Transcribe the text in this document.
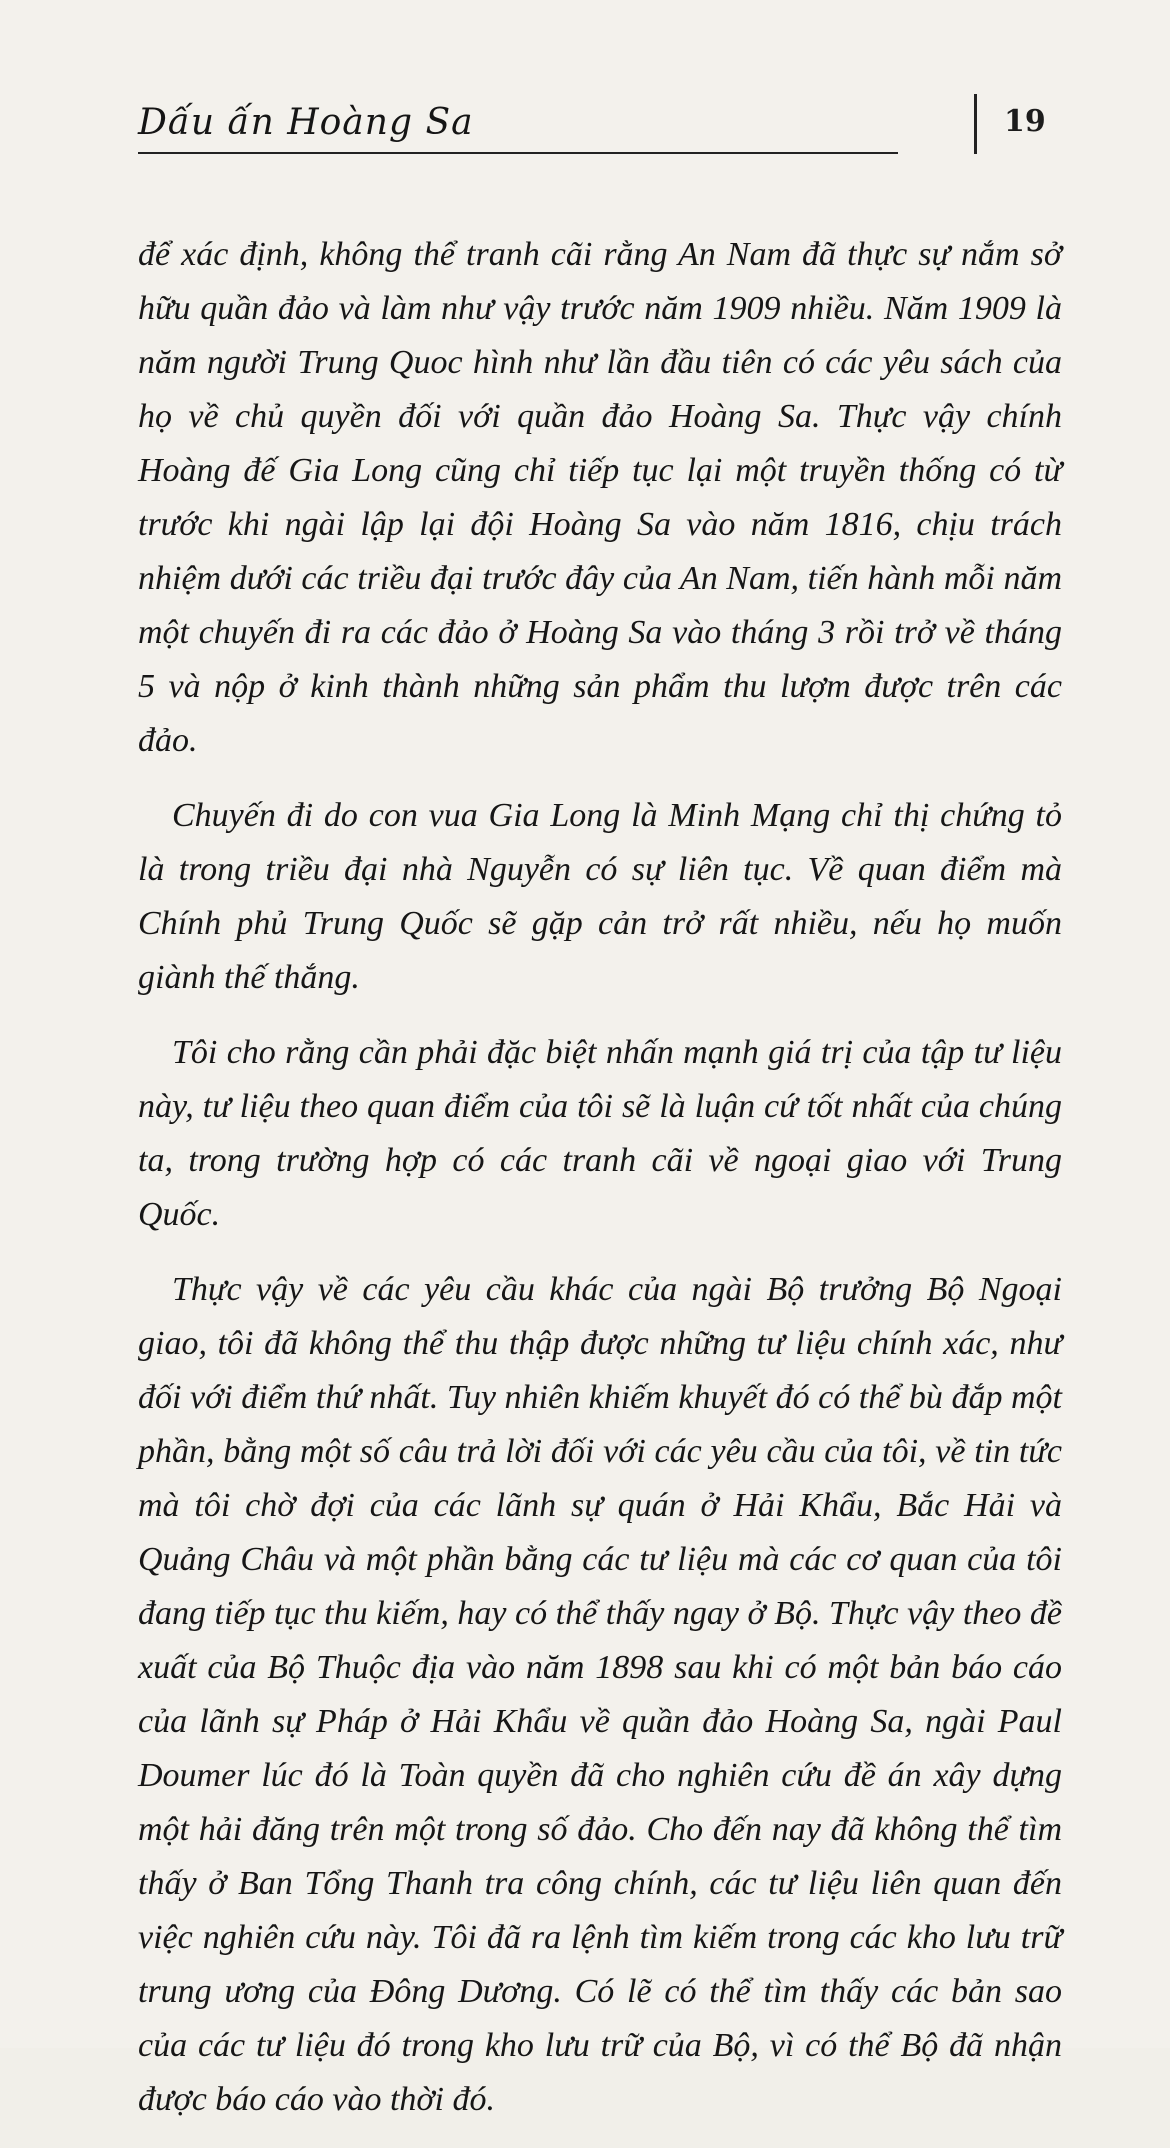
Dấu ấn Hoàng Sa	19

để xác định, không thể tranh cãi rằng An Nam đã thực sự nắm sở hữu quần đảo và làm như vậy trước năm 1909 nhiều. Năm 1909 là năm người Trung Quoc hình như lần đầu tiên có các yêu sách của họ về chủ quyền đối với quần đảo Hoàng Sa. Thực vậy chính Hoàng đế Gia Long cũng chỉ tiếp tục lại một truyền thống có từ trước khi ngài lập lại đội Hoàng Sa vào năm 1816, chịu trách nhiệm dưới các triều đại trước đây của An Nam, tiến hành mỗi năm một chuyến đi ra các đảo ở Hoàng Sa vào tháng 3 rồi trở về tháng 5 và nộp ở kinh thành những sản phẩm thu lượm được trên các đảo.

Chuyến đi do con vua Gia Long là Minh Mạng chỉ thị chứng tỏ là trong triều đại nhà Nguyễn có sự liên tục. Về quan điểm mà Chính phủ Trung Quốc sẽ gặp cản trở rất nhiều, nếu họ muốn giành thế thắng.

Tôi cho rằng cần phải đặc biệt nhấn mạnh giá trị của tập tư liệu này, tư liệu theo quan điểm của tôi sẽ là luận cứ tốt nhất của chúng ta, trong trường hợp có các tranh cãi về ngoại giao với Trung Quốc.

Thực vậy về các yêu cầu khác của ngài Bộ trưởng Bộ Ngoại giao, tôi đã không thể thu thập được những tư liệu chính xác, như đối với điểm thứ nhất. Tuy nhiên khiếm khuyết đó có thể bù đắp một phần, bằng một số câu trả lời đối với các yêu cầu của tôi, về tin tức mà tôi chờ đợi của các lãnh sự quán ở Hải Khẩu, Bắc Hải và Quảng Châu và một phần bằng các tư liệu mà các cơ quan của tôi đang tiếp tục thu kiếm, hay có thể thấy ngay ở Bộ. Thực vậy theo đề xuất của Bộ Thuộc địa vào năm 1898 sau khi có một bản báo cáo của lãnh sự Pháp ở Hải Khẩu về quần đảo Hoàng Sa, ngài Paul Doumer lúc đó là Toàn quyền đã cho nghiên cứu đề án xây dựng một hải đăng trên một trong số đảo. Cho đến nay đã không thể tìm thấy ở Ban Tổng Thanh tra công chính, các tư liệu liên quan đến việc nghiên cứu này. Tôi đã ra lệnh tìm kiếm trong các kho lưu trữ trung ương của Đông Dương. Có lẽ có thể tìm thấy các bản sao của các tư liệu đó trong kho lưu trữ của Bộ, vì có thể Bộ đã nhận được báo cáo vào thời đó.
